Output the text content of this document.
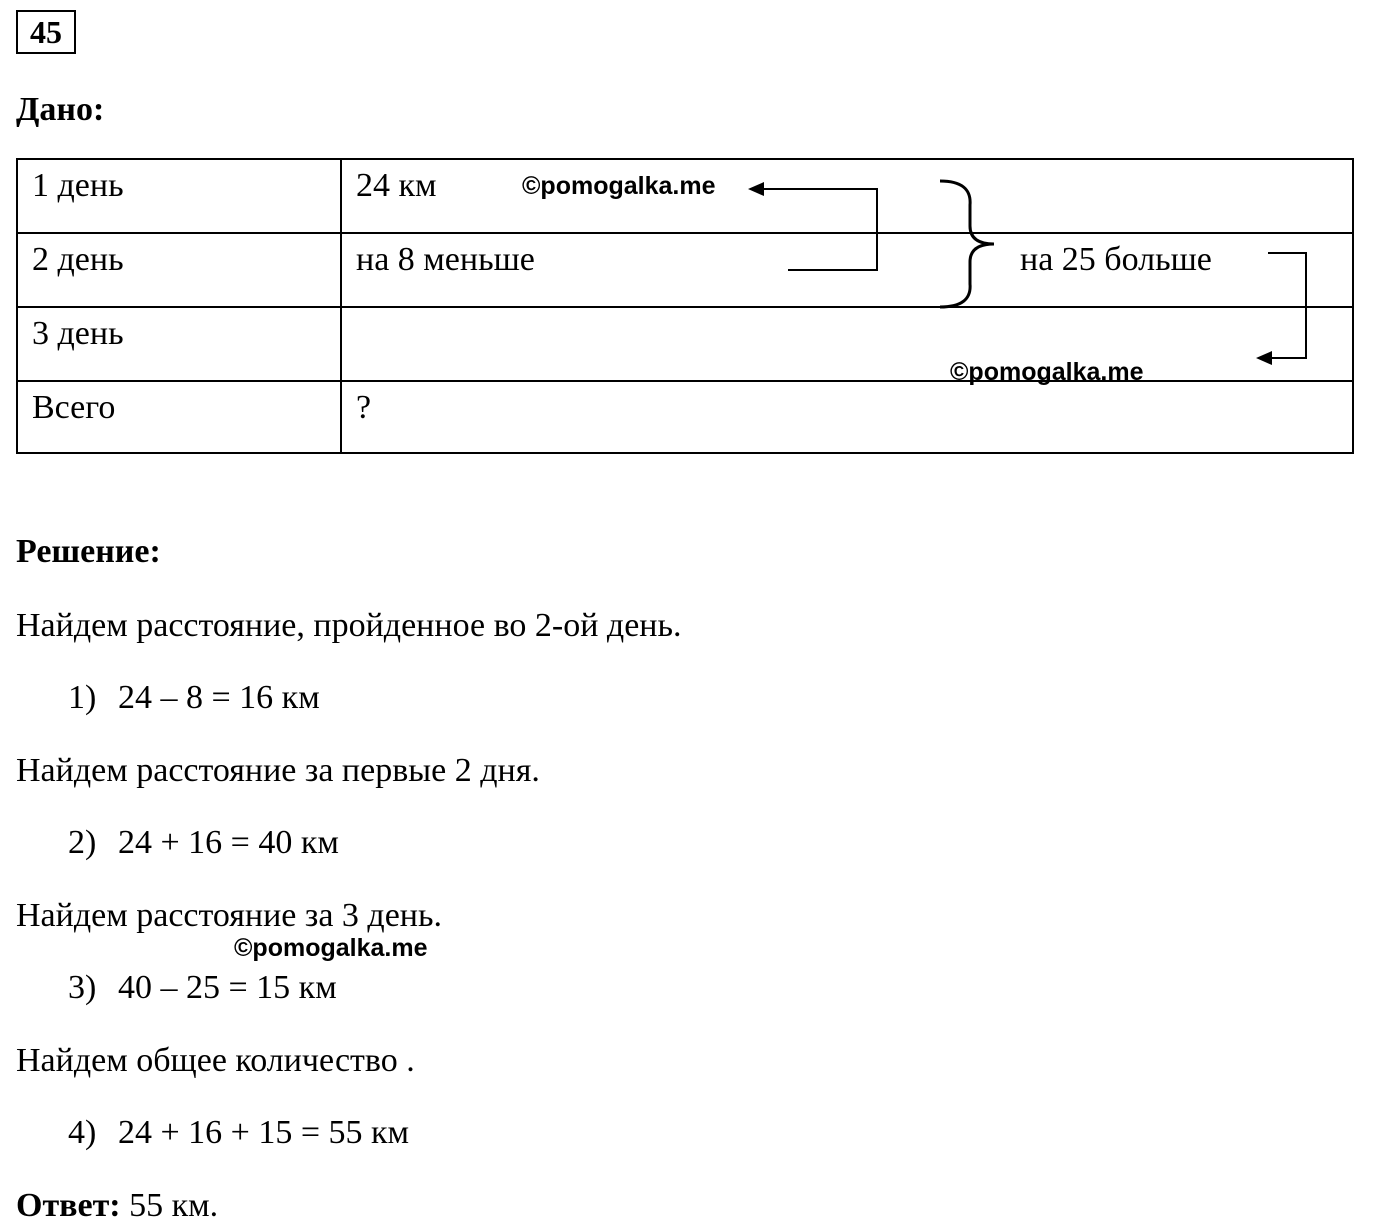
45
Дано:
1 день	24 км
2 день	на 8 меньше
3 день
Всего	?
на 25 больше
©pomogalka.me
©pomogalka.me
©pomogalka.me
Решение:
Найдем расстояние, пройденное во 2-ой день.
1) 24 – 8 = 16 км
Найдем расстояние за первые 2 дня.
2) 24 + 16 = 40 км
Найдем расстояние за 3 день.
3) 40 – 25 = 15 км
Найдем общее количество .
4) 24 + 16 + 15 = 55 км
Ответ: 55 км.
